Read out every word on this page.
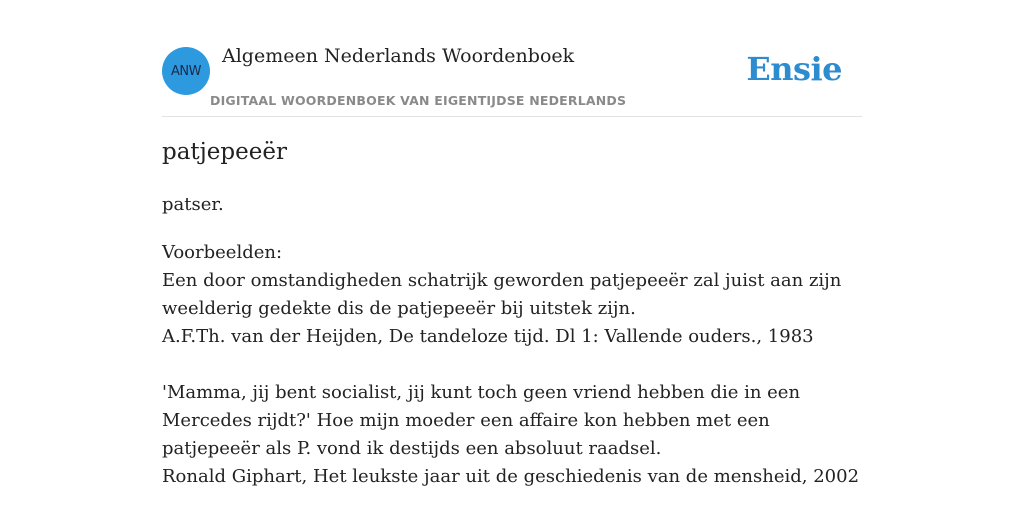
ANW
Algemeen Nederlands Woordenboek
DIGITAAL WOORDENBOEK VAN EIGENTIJDSE NEDERLANDS
Ensie
patjepeeër

patser.

Voorbeelden:
Een door omstandigheden schatrijk geworden patjepeeër zal juist aan zijn weelderig gedekte dis de patjepeeër bij uitstek zijn.
A.F.Th. van der Heijden, De tandeloze tijd. Dl 1: Vallende ouders., 1983
'Mamma, jij bent socialist, jij kunt toch geen vriend hebben die in een Mercedes rijdt?' Hoe mijn moeder een affaire kon hebben met een patjepeeër als P. vond ik destijds een absoluut raadsel.
Ronald Giphart, Het leukste jaar uit de geschiedenis van de mensheid, 2002
